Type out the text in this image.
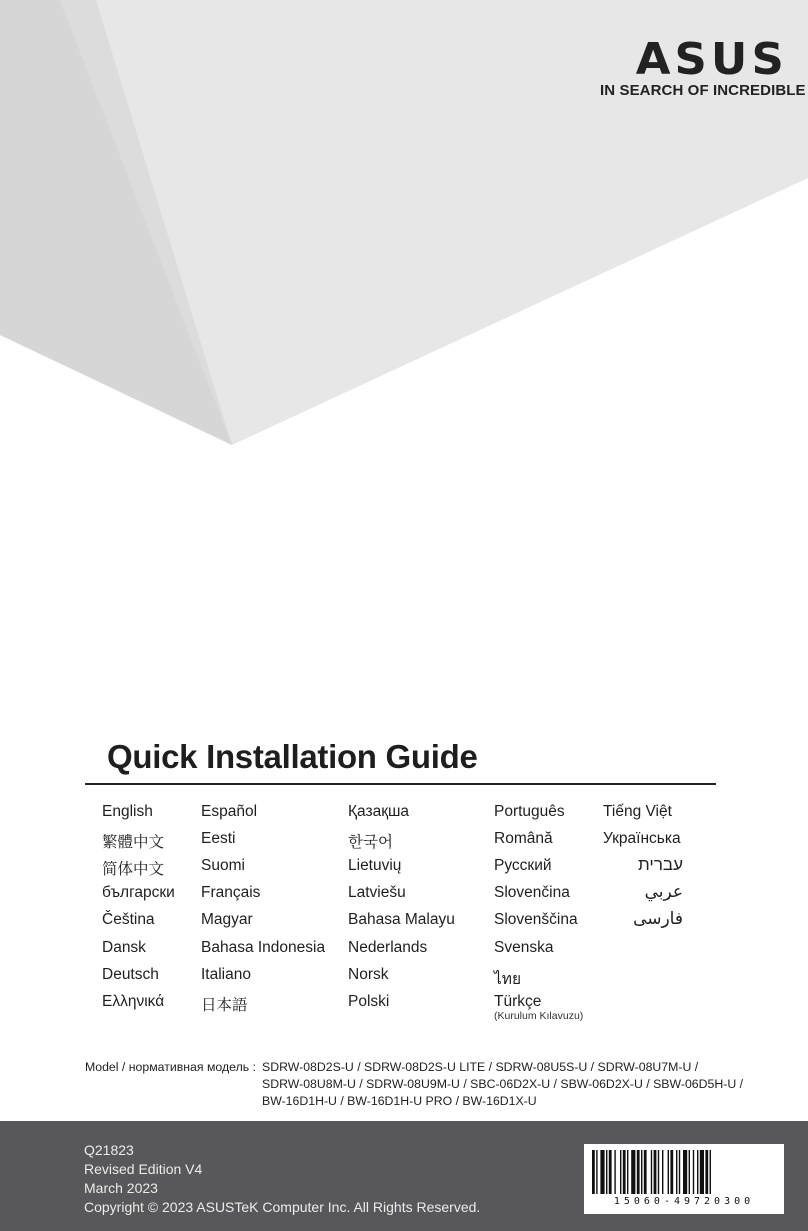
ASUS
IN SEARCH OF INCREDIBLE
Quick Installation Guide
English
繁體中文
简体中文
български
Čeština
Dansk
Deutsch
Ελληνικά
Español
Eesti
Suomi
Français
Magyar
Bahasa Indonesia
Italiano
日本語
Қазақша
한국어
Lietuvių
Latviešu
Bahasa Malayu
Nederlands
Norsk
Polski
Português
Română
Русский
Slovenčina
Slovenščina
Svenska
ไทย
Türkçe
(Kurulum Kılavuzu)
Tiếng Việt
Українська
עברית
عربي
فارسی
Model / нормативная модель : SDRW-08D2S-U / SDRW-08D2S-U LITE / SDRW-08U5S-U / SDRW-08U7M-U /
SDRW-08U8M-U / SDRW-08U9M-U / SBC-06D2X-U / SBW-06D2X-U / SBW-06D5H-U /
BW-16D1H-U / BW-16D1H-U PRO / BW-16D1X-U
Q21823
Revised Edition V4
March 2023
Copyright © 2023 ASUSTeK Computer Inc. All Rights Reserved.	15060-49720300
